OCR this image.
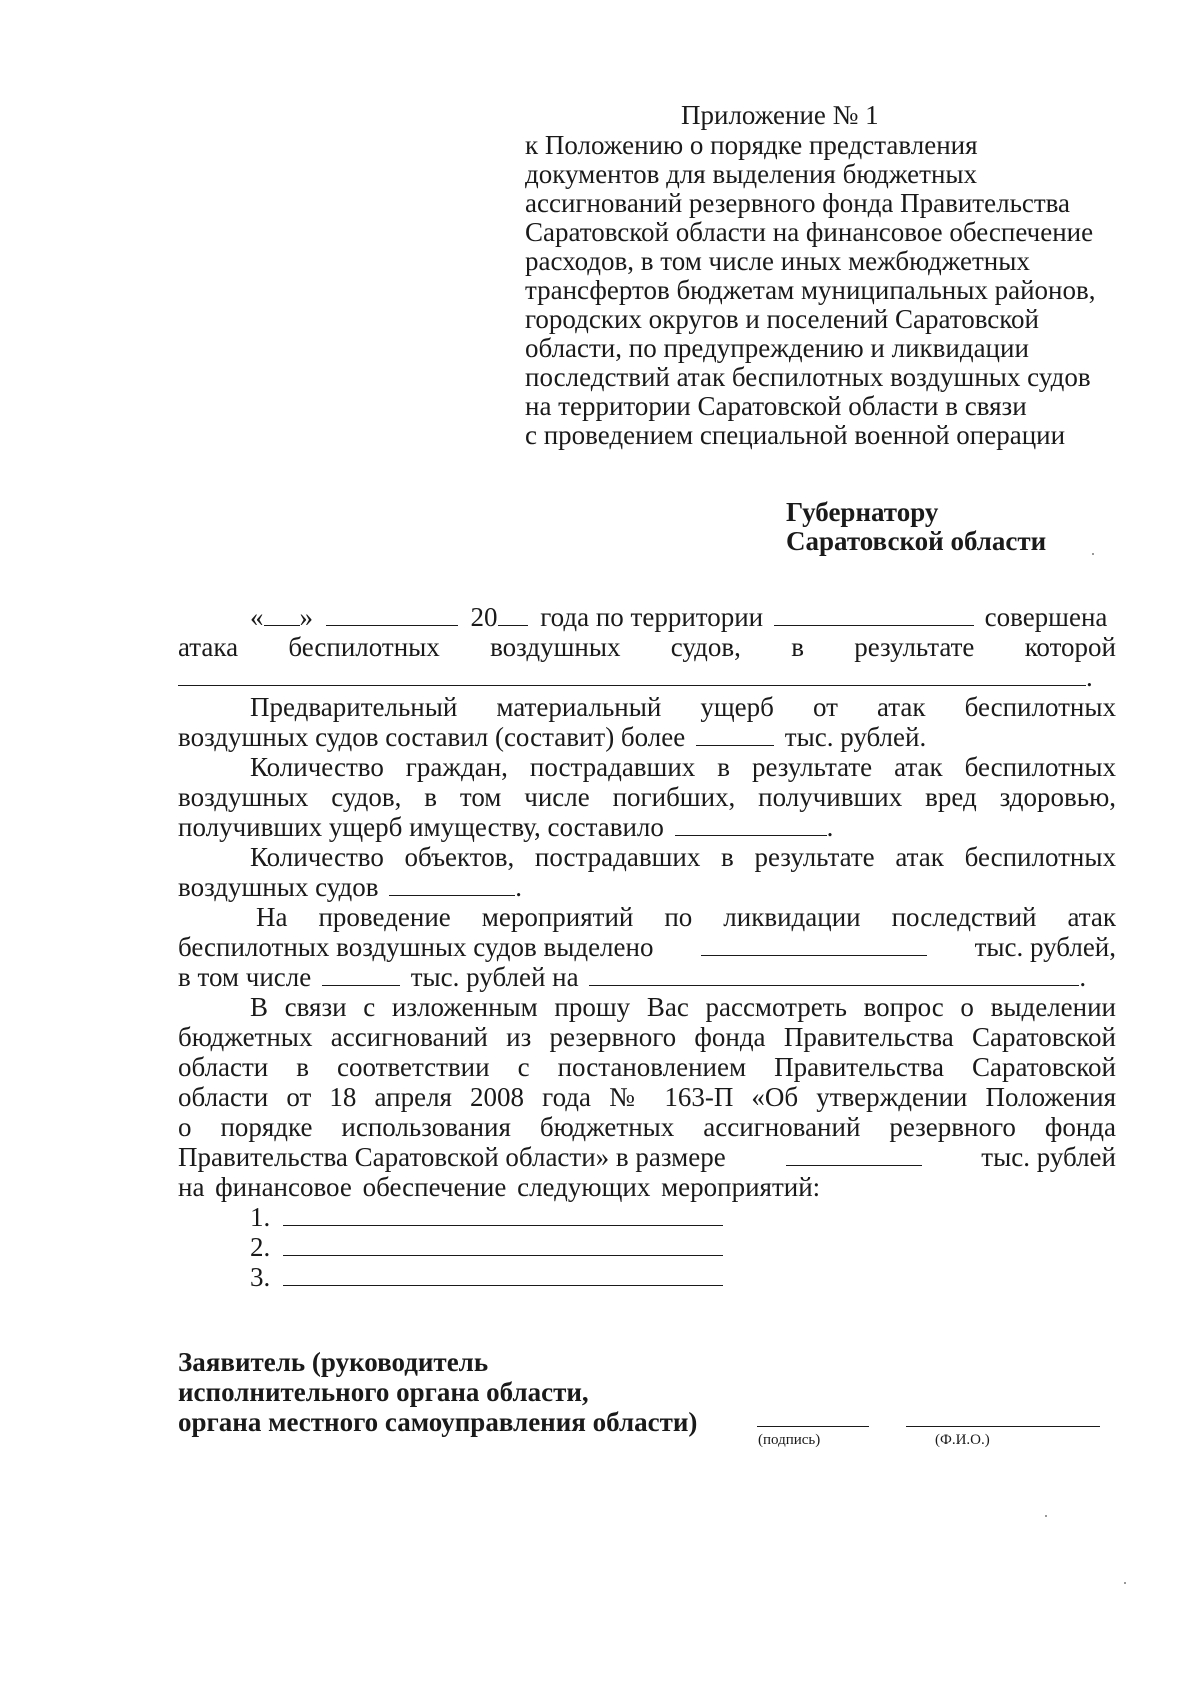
Приложение № 1
к Положению о порядке представления
документов для выделения бюджетных
ассигнований резервного фонда Правительства
Саратовской области на финансовое обеспечение
расходов, в том числе иных межбюджетных
трансфертов бюджетам муниципальных районов,
городских округов и поселений Саратовской
области, по предупреждению и ликвидации
последствий атак беспилотных воздушных судов
на территории Саратовской области в связи
с проведением специальной военной операции
Губернатору
Саратовской области
« »	20 года по территории	совершена
атака беспилотных воздушных судов, в результате которой
.
Предварительный материальный ущерб от атак беспилотных
воздушных судов составил (составит) более	тыс. рублей.
Количество граждан, пострадавших в результате атак беспилотных
воздушных судов, в том числе погибших, получивших вред здоровью,
получивших ущерб имуществу, составило	.
Количество объектов, пострадавших в результате атак беспилотных
воздушных судов	.
На проведение мероприятий по ликвидации последствий атак
беспилотных воздушных судов выделено	тыс. рублей,
в том числе	тыс. рублей на	.
В связи с изложенным прошу Вас рассмотреть вопрос о выделении
бюджетных ассигнований из резервного фонда Правительства Саратовской
области в соответствии с постановлением Правительства Саратовской
области от 18 апреля 2008 года № 163-П «Об утверждении Положения
о порядке использования бюджетных ассигнований резервного фонда
Правительства Саратовской области» в размере	тыс. рублей
на финансовое обеспечение следующих мероприятий:
1.
2.
3.
Заявитель (руководитель
исполнительного органа области,
органа местного самоуправления области)
(подпись)	(Ф.И.О.)
